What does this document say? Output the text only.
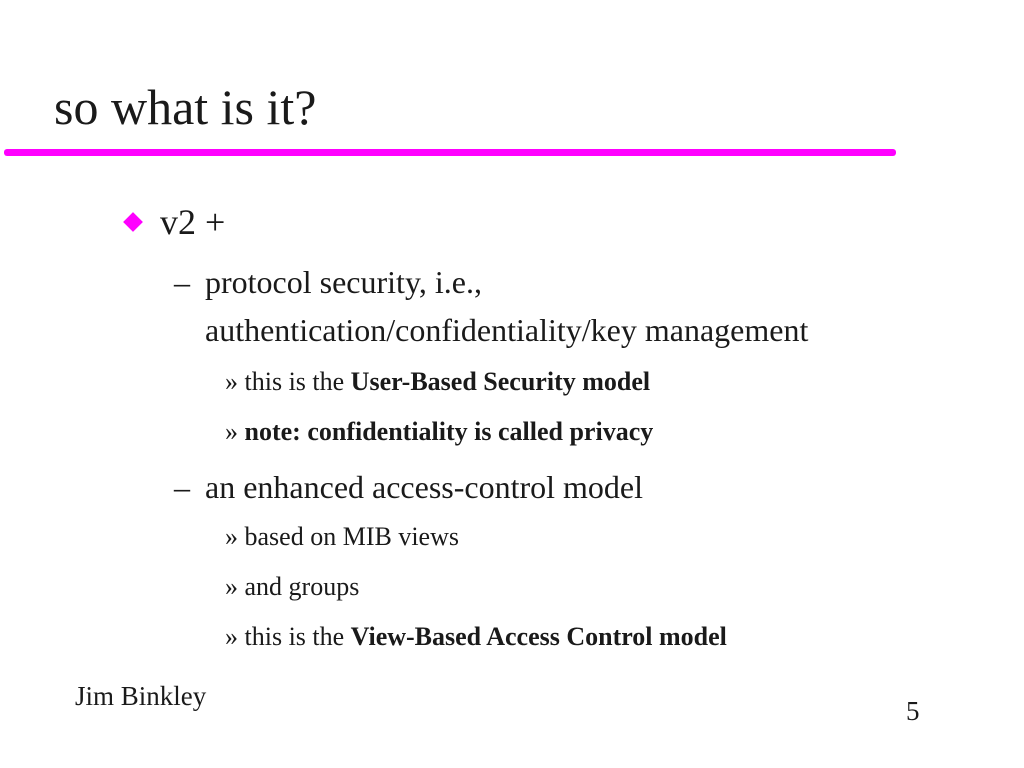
so what is it?
v2 +
– protocol security, i.e.,
authentication/confidentiality/key management
» this is the User-Based Security model
» note: confidentiality is called privacy
– an enhanced access-control model
» based on MIB views
» and groups
» this is the View-Based Access Control model
Jim Binkley	5
